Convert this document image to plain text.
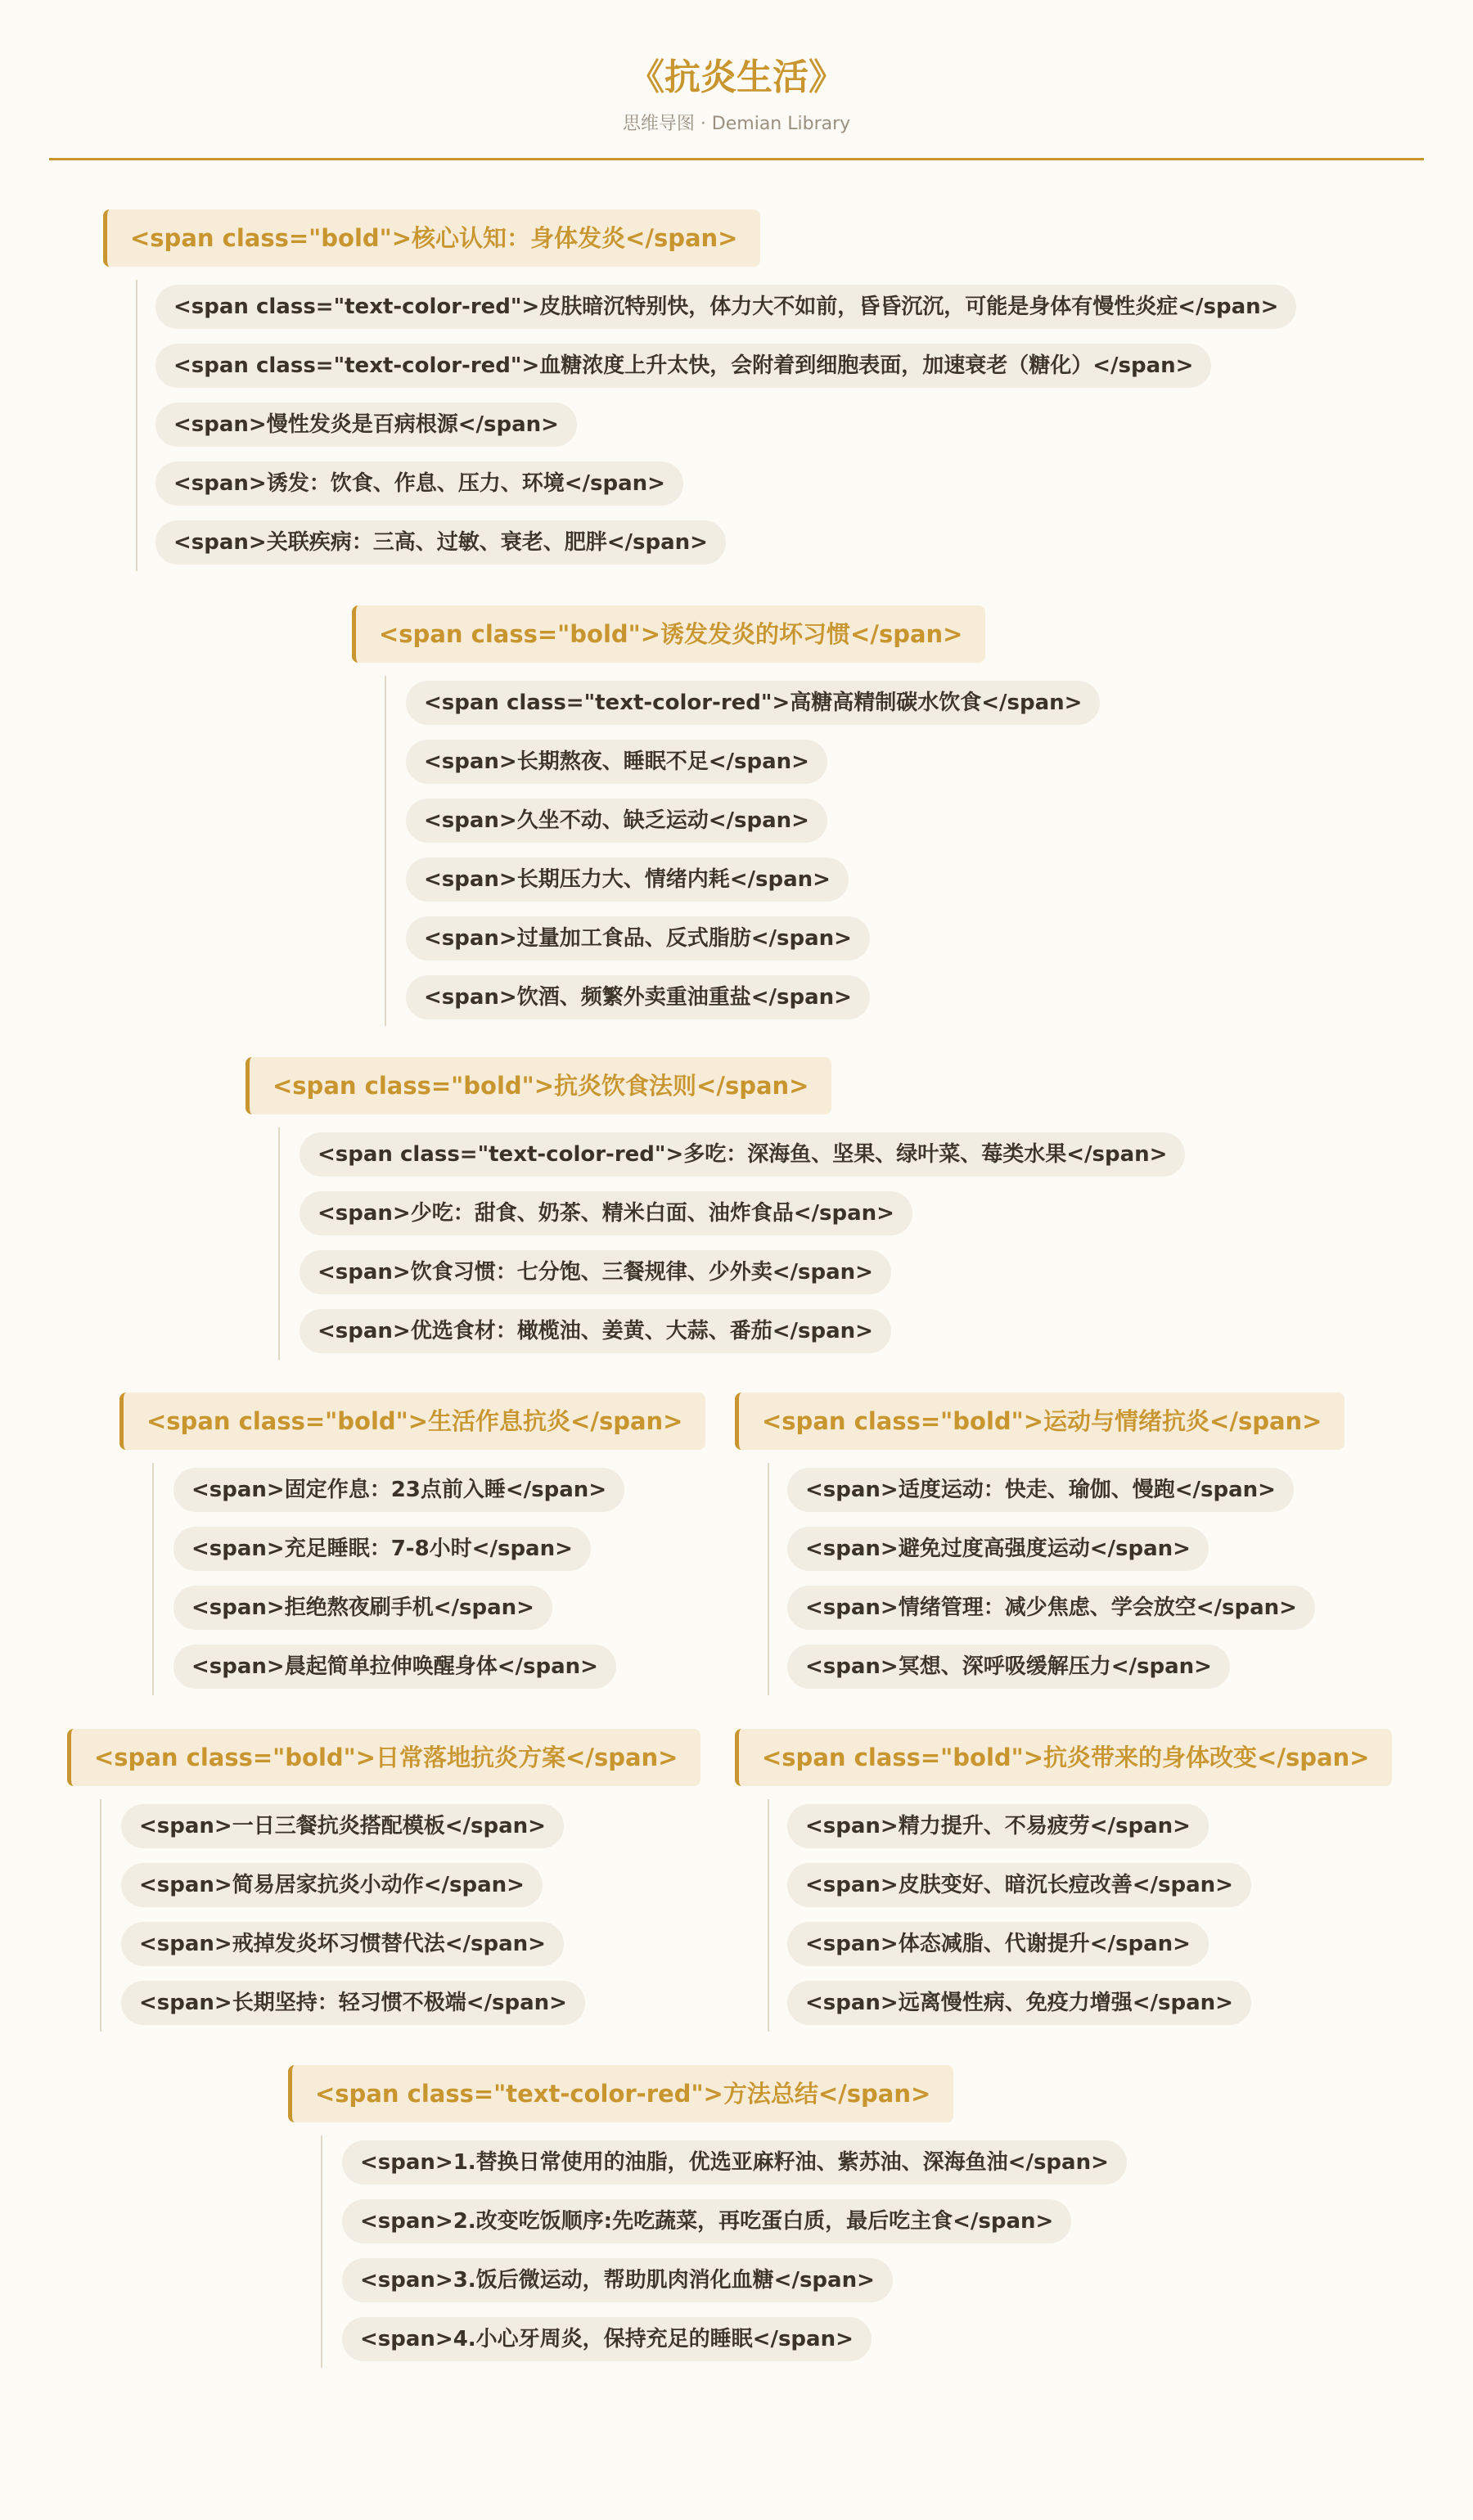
《抗炎生活》
思维导图 · Demian Library
<span class="bold">核心认知：身体发炎</span>
<span class="text-color-red">皮肤暗沉特别快，体力大不如前，昏昏沉沉，可能是身体有慢性炎症</span>
<span class="text-color-red">血糖浓度上升太快，会附着到细胞表面，加速衰老（糖化）</span>
<span>慢性发炎是百病根源</span>
<span>诱发：饮食、作息、压力、环境</span>
<span>关联疾病：三高、过敏、衰老、肥胖</span>
<span class="bold">诱发发炎的坏习惯</span>
<span class="text-color-red">高糖高精制碳水饮食</span>
<span>长期熬夜、睡眠不足</span>
<span>久坐不动、缺乏运动</span>
<span>长期压力大、情绪内耗</span>
<span>过量加工食品、反式脂肪</span>
<span>饮酒、频繁外卖重油重盐</span>
<span class="bold">抗炎饮食法则</span>
<span class="text-color-red">多吃：深海鱼、坚果、绿叶菜、莓类水果</span>
<span>少吃：甜食、奶茶、精米白面、油炸食品</span>
<span>饮食习惯：七分饱、三餐规律、少外卖</span>
<span>优选食材：橄榄油、姜黄、大蒜、番茄</span>
<span class="bold">生活作息抗炎</span>
<span>固定作息：23点前入睡</span>
<span>充足睡眠：7-8小时</span>
<span>拒绝熬夜刷手机</span>
<span>晨起简单拉伸唤醒身体</span>
<span class="bold">运动与情绪抗炎</span>
<span>适度运动：快走、瑜伽、慢跑</span>
<span>避免过度高强度运动</span>
<span>情绪管理：减少焦虑、学会放空</span>
<span>冥想、深呼吸缓解压力</span>
<span class="bold">日常落地抗炎方案</span>
<span>一日三餐抗炎搭配模板</span>
<span>简易居家抗炎小动作</span>
<span>戒掉发炎坏习惯替代法</span>
<span>长期坚持：轻习惯不极端</span>
<span class="bold">抗炎带来的身体改变</span>
<span>精力提升、不易疲劳</span>
<span>皮肤变好、暗沉长痘改善</span>
<span>体态减脂、代谢提升</span>
<span>远离慢性病、免疫力增强</span>
<span class="text-color-red">方法总结</span>
<span>1.替换日常使用的油脂，优选亚麻籽油、紫苏油、深海鱼油</span>
<span>2.改变吃饭顺序:先吃蔬菜，再吃蛋白质，最后吃主食</span>
<span>3.饭后微运动，帮助肌肉消化血糖</span>
<span>4.小心牙周炎，保持充足的睡眠</span>
